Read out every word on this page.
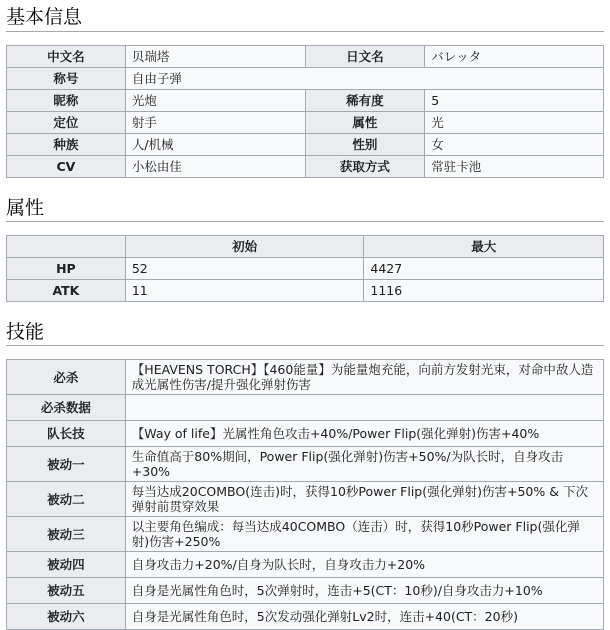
基本信息
中文名	贝瑞塔	日文名	バレッタ
称号	自由子弹		
昵称	光炮	稀有度	5
定位	射手	属性	光
种族	人/机械	性别	女
CV	小松由佳	获取方式	常驻卡池
属性
	初始	最大
HP	52	4427
ATK	11	1116
技能
必杀	【HEAVENS TORCH】【460能量】为能量炮充能，向前方发射光束，对命中敌人造成光属性伤害/提升强化弹射伤害
必杀数据	
队长技	【Way of life】光属性角色攻击+40%/Power Flip(强化弹射)伤害+40%
被动一	生命值高于80%期间，Power Flip(强化弹射)伤害+50%/为队长时，自身攻击+30%
被动二	每当达成20COMBO(连击)时，获得10秒Power Flip(强化弹射)伤害+50% & 下次弹射前贯穿效果
被动三	以主要角色编成：每当达成40COMBO（连击）时，获得10秒Power Flip(强化弹射)伤害+250%
被动四	自身攻击力+20%/自身为队长时，自身攻击力+20%
被动五	自身是光属性角色时，5次弹射时，连击+5(CT：10秒)/自身攻击力+10%
被动六	自身是光属性角色时，5次发动强化弹射Lv2时，连击+40(CT：20秒)
